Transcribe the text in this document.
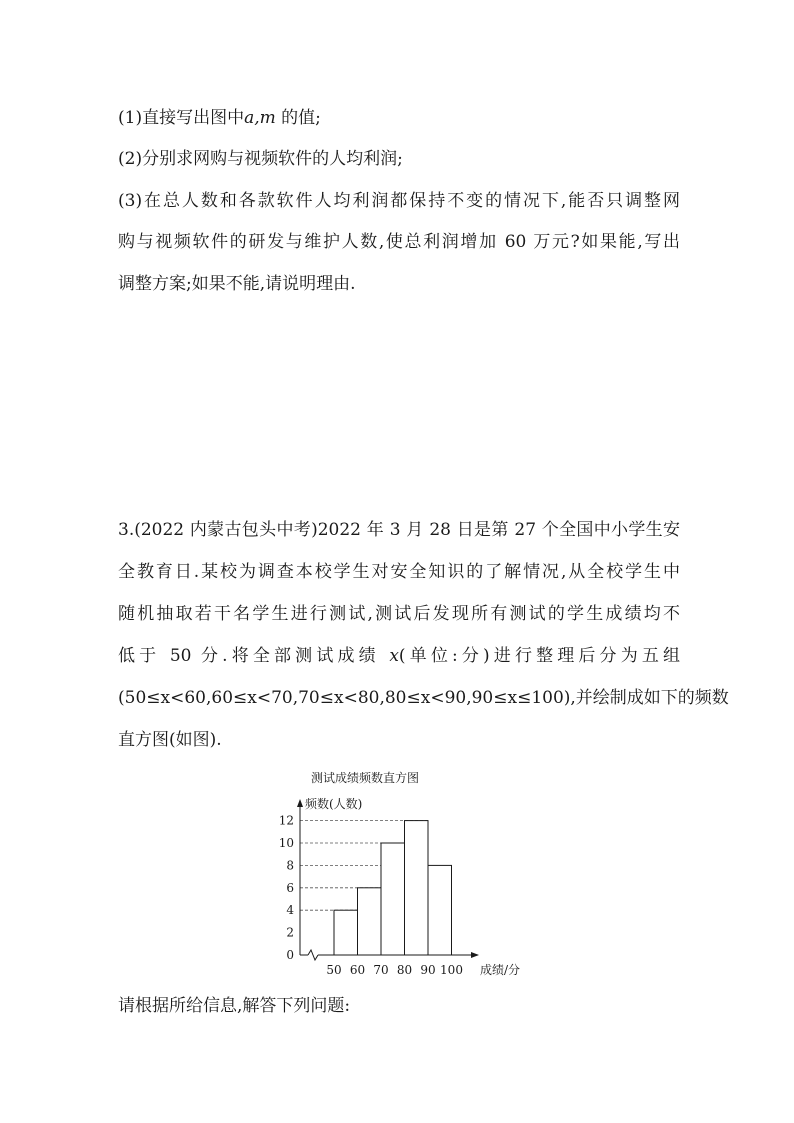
(1)直接写出图中a,m 的值;
(2)分别求网购与视频软件的人均利润;
(3)在总人数和各款软件人均利润都保持不变的情况下,能否只调整网
购与视频软件的研发与维护人数,使总利润增加 60 万元?如果能,写出
调整方案;如果不能,请说明理由.
3.(2022 内蒙古包头中考)2022 年 3 月 28 日是第 27 个全国中小学生安
全教育日.某校为调查本校学生对安全知识的了解情况,从全校学生中
随机抽取若干名学生进行测试,测试后发现所有测试的学生成绩均不
低于 50 分.将全部测试成绩 x(单位:分)进行整理后分为五组
(50≤x<60,60≤x<70,70≤x<80,80≤x<90,90≤x≤100),并绘制成如下的频数
直方图(如图).
测试成绩频数直方图
0
2
4
6
8
10
12
50 60 70 80 90 100
频数(人数)
成绩/分
请根据所给信息,解答下列问题:
